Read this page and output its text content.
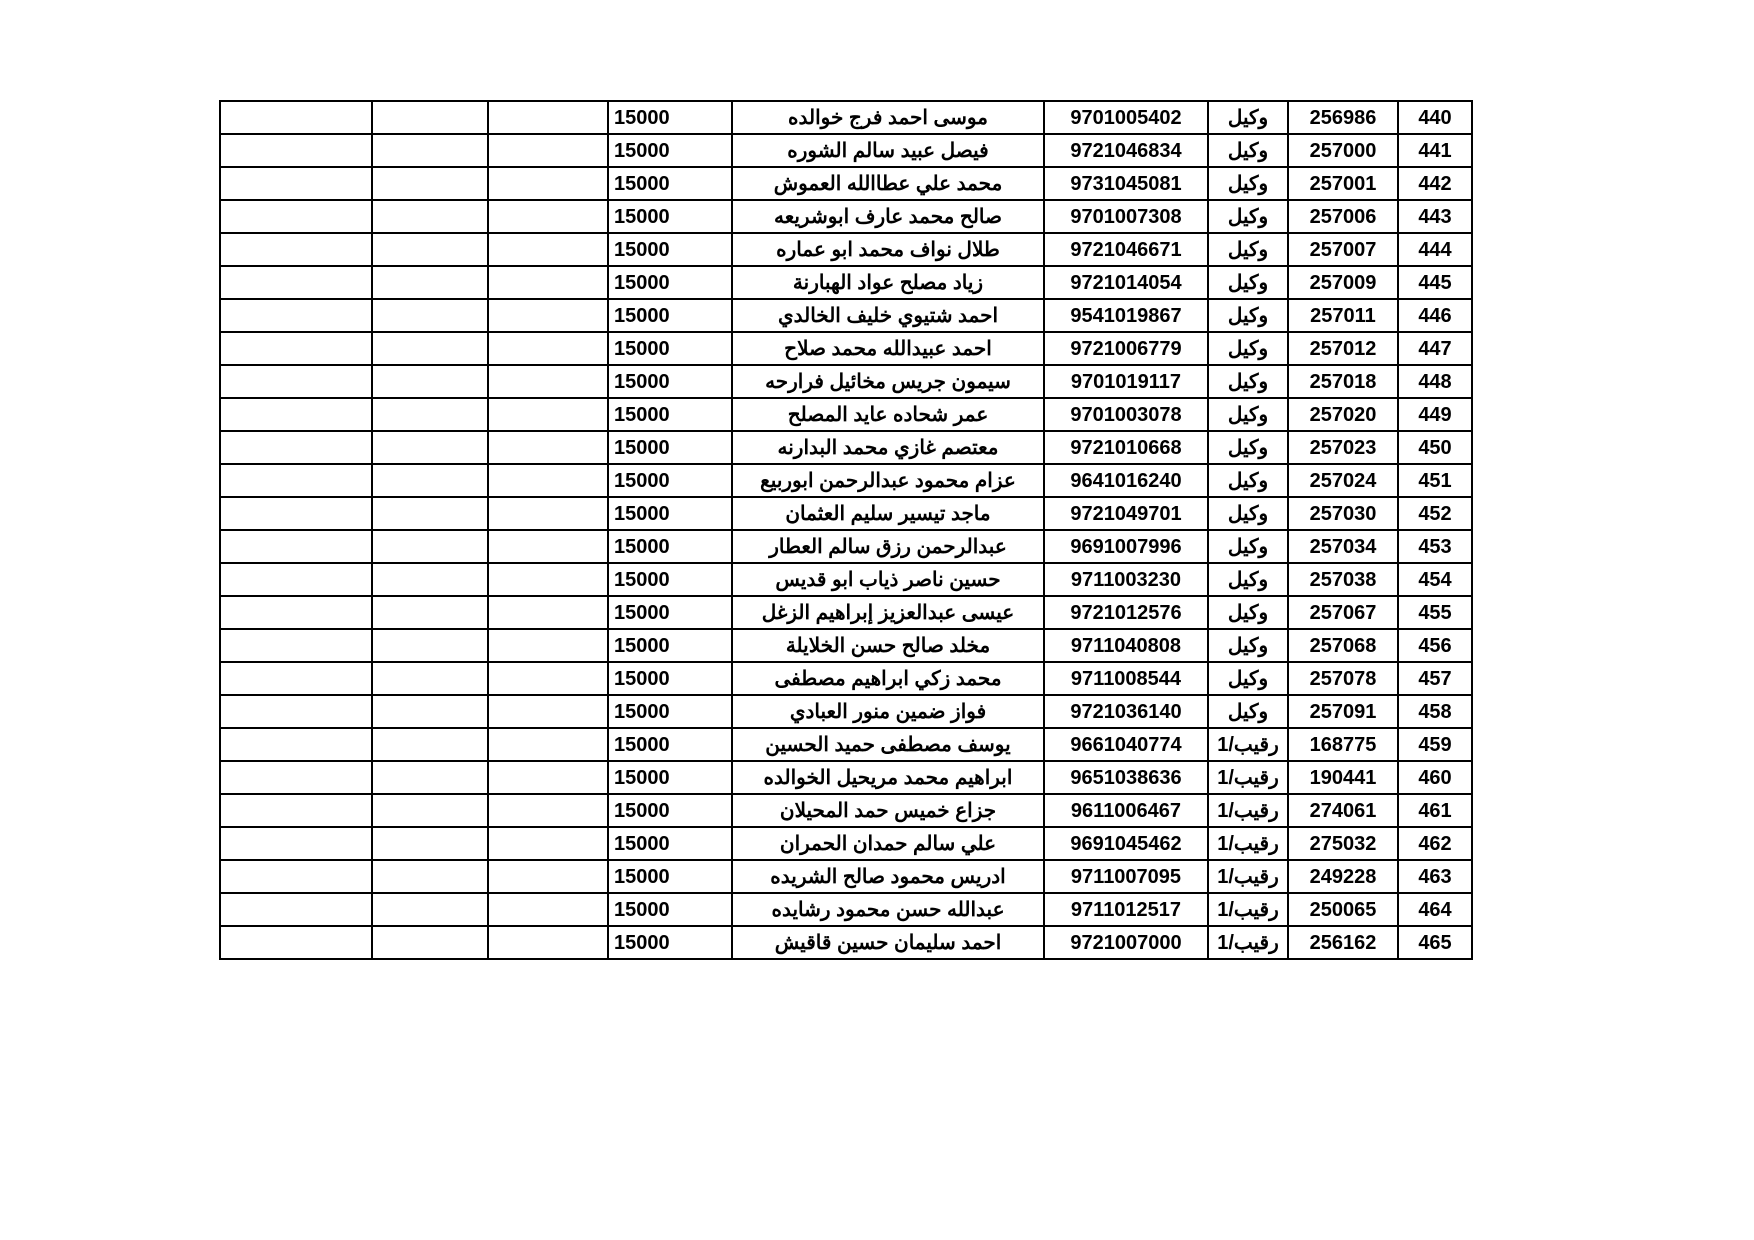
440	256986	وكيل	9701005402	موسى احمد فرج خوالده	15000			
441	257000	وكيل	9721046834	فيصل عبيد سالم الشوره	15000			
442	257001	وكيل	9731045081	محمد علي عطاالله العموش	15000			
443	257006	وكيل	9701007308	صالح محمد عارف ابوشريعه	15000			
444	257007	وكيل	9721046671	طلال نواف محمد ابو عماره	15000			
445	257009	وكيل	9721014054	زياد مصلح عواد الهبارنة	15000			
446	257011	وكيل	9541019867	احمد شتيوي خليف الخالدي	15000			
447	257012	وكيل	9721006779	احمد عبيدالله محمد صلاح	15000			
448	257018	وكيل	9701019117	سيمون جريس مخائيل فرارحه	15000			
449	257020	وكيل	9701003078	عمر شحاده عايد المصلح	15000			
450	257023	وكيل	9721010668	معتصم غازي محمد البدارنه	15000			
451	257024	وكيل	9641016240	عزام محمود عبدالرحمن ابوربيع	15000			
452	257030	وكيل	9721049701	ماجد تيسير سليم العثمان	15000			
453	257034	وكيل	9691007996	عبدالرحمن رزق سالم العطار	15000			
454	257038	وكيل	9711003230	حسين ناصر ذياب ابو قديس	15000			
455	257067	وكيل	9721012576	عيسى عبدالعزيز إبراهيم الزغل	15000			
456	257068	وكيل	9711040808	مخلد صالح حسن الخلايلة	15000			
457	257078	وكيل	9711008544	محمد زكي ابراهيم مصطفى	15000			
458	257091	وكيل	9721036140	فواز ضمين منور العبادي	15000			
459	168775	رقيب/1	9661040774	يوسف مصطفى حميد الحسين	15000			
460	190441	رقيب/1	9651038636	ابراهيم محمد مريحيل الخوالده	15000			
461	274061	رقيب/1	9611006467	جزاع خميس حمد المحيلان	15000			
462	275032	رقيب/1	9691045462	علي سالم حمدان الحمران	15000			
463	249228	رقيب/1	9711007095	ادريس محمود صالح الشريده	15000			
464	250065	رقيب/1	9711012517	عبدالله حسن محمود رشايده	15000			
465	256162	رقيب/1	9721007000	احمد سليمان حسين قاقيش	15000			
